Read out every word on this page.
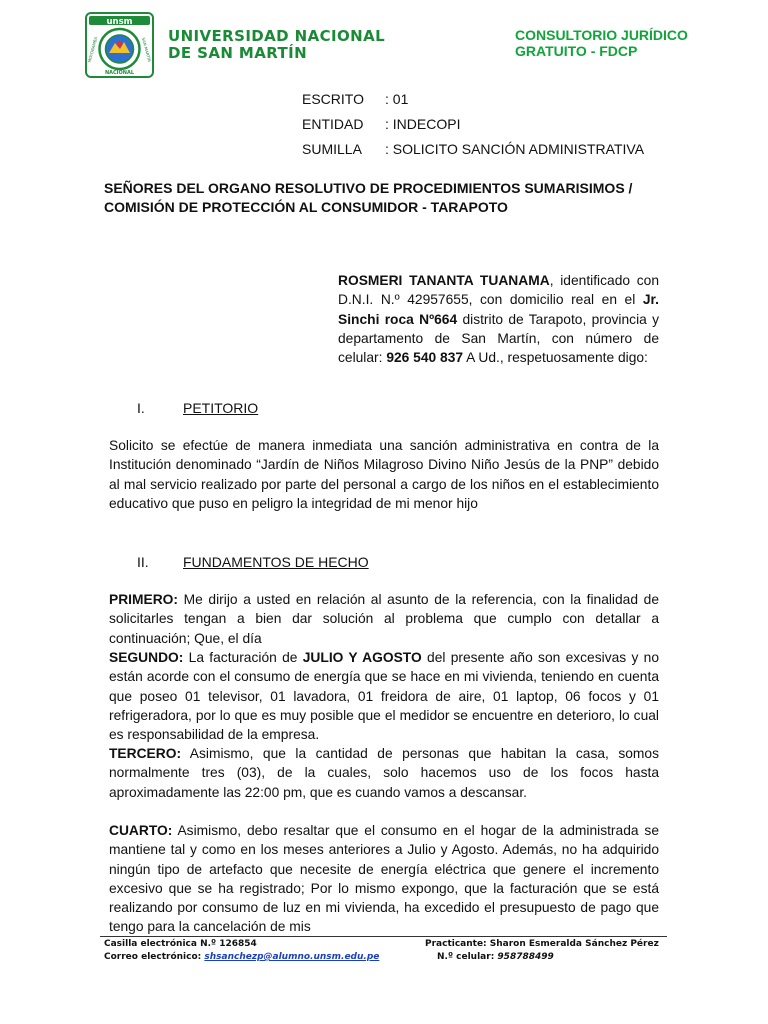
unsm
MOYOBAMBA	SAN MARTÍN
NACIONAL
UNIVERSIDAD NACIONAL
DE SAN MARTÍN
CONSULTORIO JURÍDICO
GRATUITO - FDCP
ESCRITO : 01
ENTIDAD : INDECOPI
SUMILLA : SOLICITO SANCIÓN ADMINISTRATIVA
SEÑORES DEL ORGANO RESOLUTIVO DE PROCEDIMIENTOS SUMARISIMOS / COMISIÓN DE PROTECCIÓN AL CONSUMIDOR - TARAPOTO
ROSMERI TANANTA TUANAMA, identificado con D.N.I. N.º 42957655, con domicilio real en el Jr. Sinchi roca Nº664 distrito de Tarapoto, provincia y departamento de San Martín, con número de celular: 926 540 837 A Ud., respetuosamente digo:
I.	PETITORIO
Solicito se efectúe de manera inmediata una sanción administrativa en contra de la Institución denominado “Jardín de Niños Milagroso Divino Niño Jesús de la PNP” debido al mal servicio realizado por parte del personal a cargo de los niños en el establecimiento educativo que puso en peligro la integridad de mi menor hijo
II. FUNDAMENTOS DE HECHO
PRIMERO: Me dirijo a usted en relación al asunto de la referencia, con la finalidad de solicitarles tengan a bien dar solución al problema que cumplo con detallar a continuación; Que, el día
SEGUNDO: La facturación de JULIO Y AGOSTO del presente año son excesivas y no están acorde con el consumo de energía que se hace en mi vivienda, teniendo en cuenta que poseo 01 televisor, 01 lavadora, 01 freidora de aire, 01 laptop, 06 focos y 01 refrigeradora, por lo que es muy posible que el medidor se encuentre en deterioro, lo cual es responsabilidad de la empresa.
TERCERO: Asimismo, que la cantidad de personas que habitan la casa, somos normalmente tres (03), de la cuales, solo hacemos uso de los focos hasta aproximadamente las 22:00 pm, que es cuando vamos a descansar.
CUARTO: Asimismo, debo resaltar que el consumo en el hogar de la administrada se mantiene tal y como en los meses anteriores a Julio y Agosto. Además, no ha adquirido ningún tipo de artefacto que necesite de energía eléctrica que genere el incremento excesivo que se ha registrado; Por lo mismo expongo, que la facturación que se está realizando por consumo de luz en mi vivienda, ha excedido el presupuesto de pago que tengo para la cancelación de mis
Casilla electrónica N.º 126854
Correo electrónico: shsanchezp@alumno.unsm.edu.pe
Practicante: Sharon Esmeralda Sánchez Pérez
N.º celular: 958788499
